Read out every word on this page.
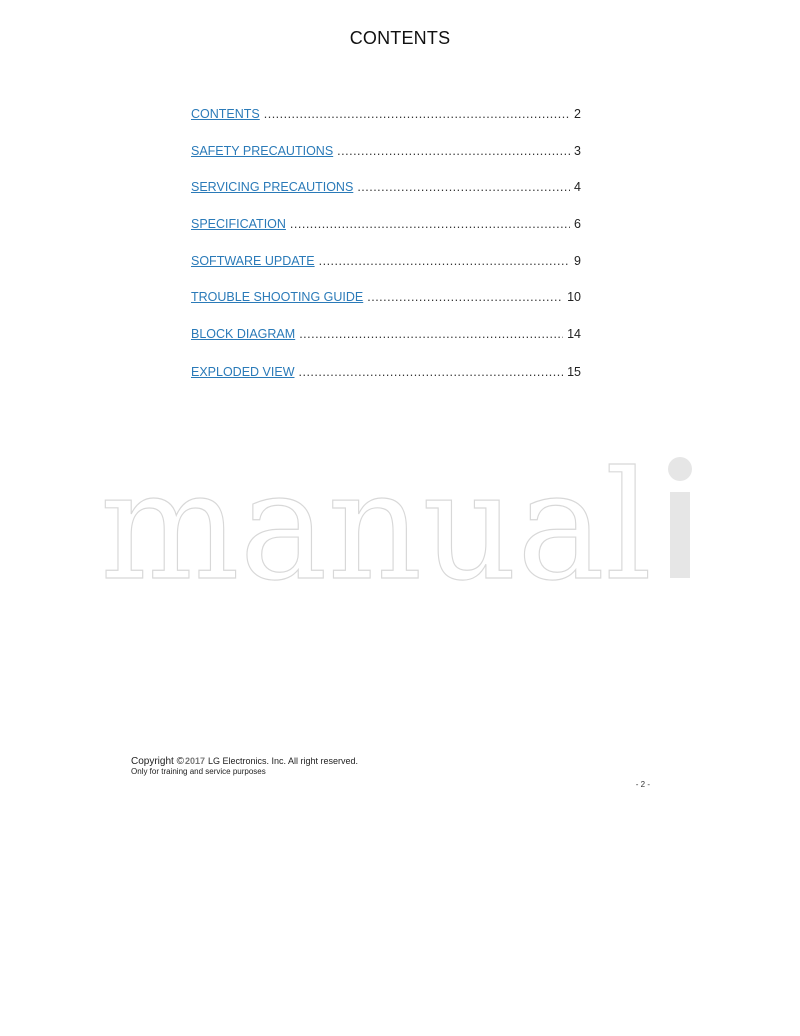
CONTENTS
CONTENTS .....	2
SAFETY PRECAUTIONS .....	3
SERVICING PRECAUTIONS .....	4
SPECIFICATION .....	6
SOFTWARE UPDATE .....	9
TROUBLE SHOOTING GUIDE .....	10
BLOCK DIAGRAM .....	14
EXPLODED VIEW .....	15
manual
Copyright ©2017 LG Electronics. Inc. All right reserved.
Only for training and service purposes
- 2 -
